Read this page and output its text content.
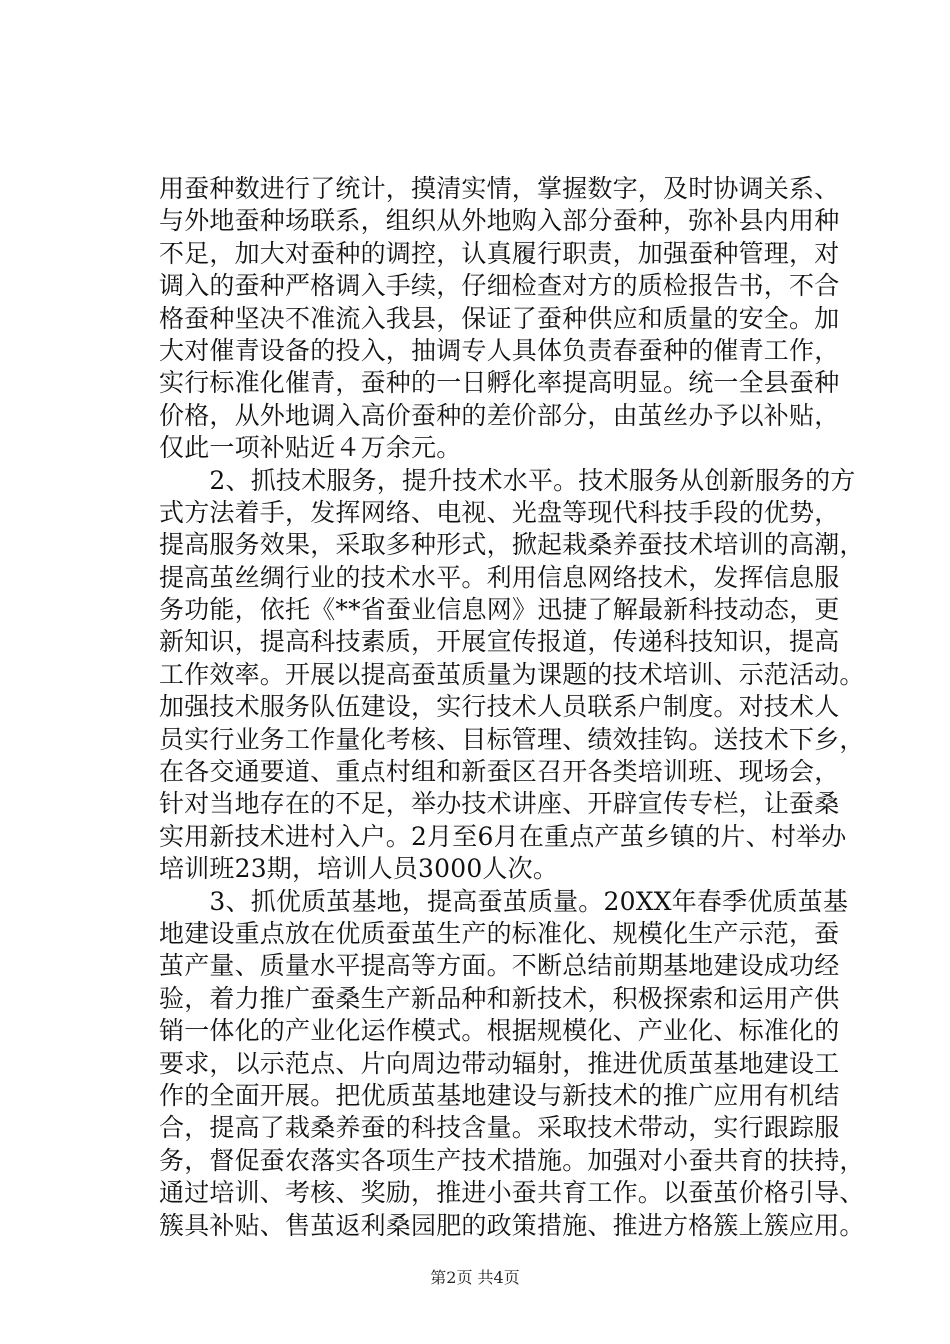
用蚕种数进行了统计，摸清实情，掌握数字，及时协调关系、
与外地蚕种场联系，组织从外地购入部分蚕种，弥补县内用种
不足，加大对蚕种的调控，认真履行职责，加强蚕种管理，对
调入的蚕种严格调入手续，仔细检查对方的质检报告书，不合
格蚕种坚决不准流入我县，保证了蚕种供应和质量的安全。加
大对催青设备的投入，抽调专人具体负责春蚕种的催青工作，
实行标准化催青，蚕种的一日孵化率提高明显。统一全县蚕种
价格，从外地调入高价蚕种的差价部分，由茧丝办予以补贴，
仅此一项补贴近４万余元。
　　2、抓技术服务，提升技术水平。技术服务从创新服务的方
式方法着手，发挥网络、电视、光盘等现代科技手段的优势，
提高服务效果，采取多种形式，掀起栽桑养蚕技术培训的高潮，
提高茧丝绸行业的技术水平。利用信息网络技术，发挥信息服
务功能，依托《**省蚕业信息网》迅捷了解最新科技动态，更
新知识，提高科技素质，开展宣传报道，传递科技知识，提高
工作效率。开展以提高蚕茧质量为课题的技术培训、示范活动。
加强技术服务队伍建设，实行技术人员联系户制度。对技术人
员实行业务工作量化考核、目标管理、绩效挂钩。送技术下乡，
在各交通要道、重点村组和新蚕区召开各类培训班、现场会，
针对当地存在的不足，举办技术讲座、开辟宣传专栏，让蚕桑
实用新技术进村入户。2月至6月在重点产茧乡镇的片、村举办
培训班23期，培训人员3000人次。
　　3、抓优质茧基地，提高蚕茧质量。20XX年春季优质茧基
地建设重点放在优质蚕茧生产的标准化、规模化生产示范，蚕
茧产量、质量水平提高等方面。不断总结前期基地建设成功经
验，着力推广蚕桑生产新品种和新技术，积极探索和运用产供
销一体化的产业化运作模式。根据规模化、产业化、标准化的
要求，以示范点、片向周边带动辐射，推进优质茧基地建设工
作的全面开展。把优质茧基地建设与新技术的推广应用有机结
合，提高了栽桑养蚕的科技含量。采取技术带动，实行跟踪服
务，督促蚕农落实各项生产技术措施。加强对小蚕共育的扶持，
通过培训、考核、奖励，推进小蚕共育工作。以蚕茧价格引导、
簇具补贴、售茧返利桑园肥的政策措施、推进方格簇上簇应用。
第2页 共4页
